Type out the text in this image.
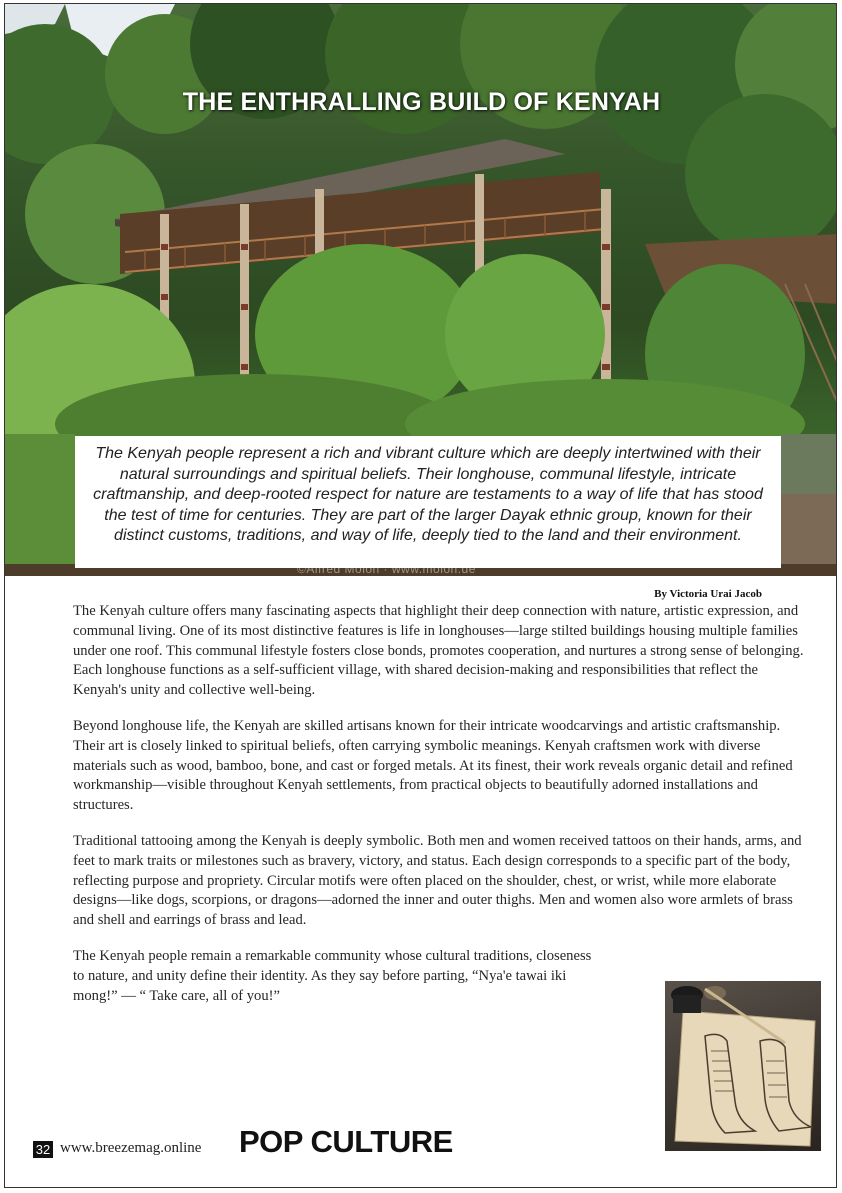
THE ENTHRALLING BUILD OF KENYAH
The Kenyah people represent a rich and vibrant culture which are deeply intertwined with their natural surroundings and spiritual beliefs. Their longhouse, communal lifestyle, intricate craftmanship, and deep-rooted respect for nature are testaments to a way of life that has stood the test of time for centuries. They are part of the larger Dayak ethnic group, known for their distinct customs, traditions, and way of life, deeply tied to the land and their environment.
©Alfred Molon · www.molon.de
By Victoria Urai Jacob

The Kenyah culture offers many fascinating aspects that highlight their deep connection with nature, artistic expression, and communal living. One of its most distinctive features is life in longhouses—large stilted buildings housing multiple families under one roof. This communal lifestyle fosters close bonds, promotes cooperation, and nurtures a strong sense of belonging. Each longhouse functions as a self-sufficient village, with shared decision-making and responsibilities that reflect the Kenyah's unity and collective well-being.

Beyond longhouse life, the Kenyah are skilled artisans known for their intricate woodcarvings and artistic craftsmanship. Their art is closely linked to spiritual beliefs, often carrying symbolic meanings. Kenyah craftsmen work with diverse materials such as wood, bamboo, bone, and cast or forged metals. At its finest, their work reveals organic detail and refined workmanship—visible throughout Kenyah settlements, from practical objects to beautifully adorned installations and structures.

Traditional tattooing among the Kenyah is deeply symbolic. Both men and women received tattoos on their hands, arms, and feet to mark traits or milestones such as bravery, victory, and status. Each design corresponds to a specific part of the body, reflecting purpose and propriety. Circular motifs were often placed on the shoulder, chest, or wrist, while more elaborate designs—like dogs, scorpions, or dragons—adorned the inner and outer thighs. Men and women also wore armlets of brass and shell and earrings of brass and lead.

The Kenyah people remain a remarkable community whose cultural traditions, closeness to nature, and unity define their identity. As they say before parting, “Nya'e tawai iki mong!” — “ Take care, all of you!”

32 www.breezemag.online POP CULTURE
